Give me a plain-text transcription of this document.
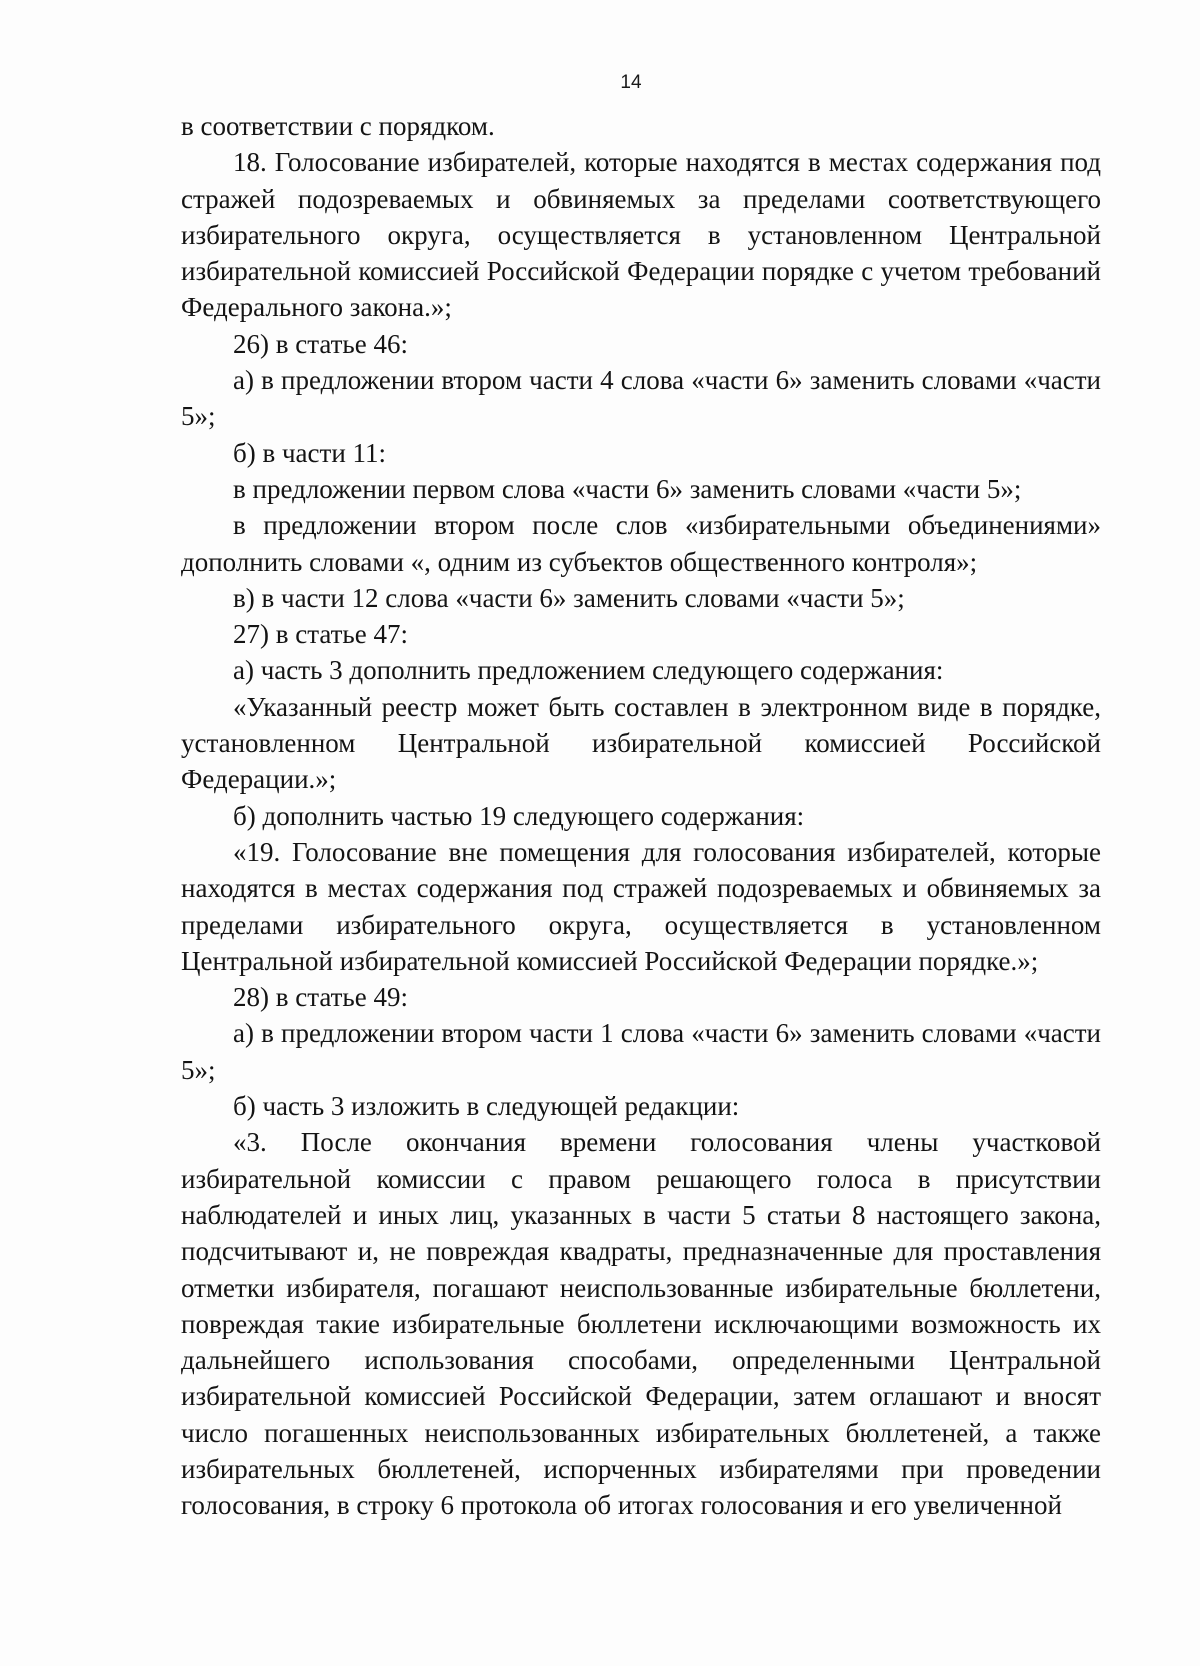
14

в соответствии с порядком.

18. Голосование избирателей, которые находятся в местах содержания под стражей подозреваемых и обвиняемых за пределами соответствующего избирательного округа, осуществляется в установленном Центральной избирательной комиссией Российской Федерации порядке с учетом требований Федерального закона.»;

26) в статье 46:

а) в предложении втором части 4 слова «части 6» заменить словами «части 5»;

б) в части 11:

в предложении первом слова «части 6» заменить словами «части 5»;

в предложении втором после слов «избирательными объединениями» дополнить словами «, одним из субъектов общественного контроля»;

в) в части 12 слова «части 6» заменить словами «части 5»;

27) в статье 47:

а) часть 3 дополнить предложением следующего содержания:

«Указанный реестр может быть составлен в электронном виде в порядке, установленном Центральной избирательной комиссией Российской Федерации.»;

б) дополнить частью 19 следующего содержания:

«19. Голосование вне помещения для голосования избирателей, которые находятся в местах содержания под стражей подозреваемых и обвиняемых за пределами избирательного округа, осуществляется в установленном Центральной избирательной комиссией Российской Федерации порядке.»;

28) в статье 49:

а) в предложении втором части 1 слова «части 6» заменить словами «части 5»;

б) часть 3 изложить в следующей редакции:

«3. После окончания времени голосования члены участковой избирательной комиссии с правом решающего голоса в присутствии наблюдателей и иных лиц, указанных в части 5 статьи 8 настоящего закона, подсчитывают и, не повреждая квадраты, предназначенные для проставления отметки избирателя, погашают неиспользованные избирательные бюллетени, повреждая такие избирательные бюллетени исключающими возможность их дальнейшего использования способами, определенными Центральной избирательной комиссией Российской Федерации, затем оглашают и вносят число погашенных неиспользованных избирательных бюллетеней, а также избирательных бюллетеней, испорченных избирателями при проведении голосования, в строку 6 протокола об итогах голосования и его увеличенной
